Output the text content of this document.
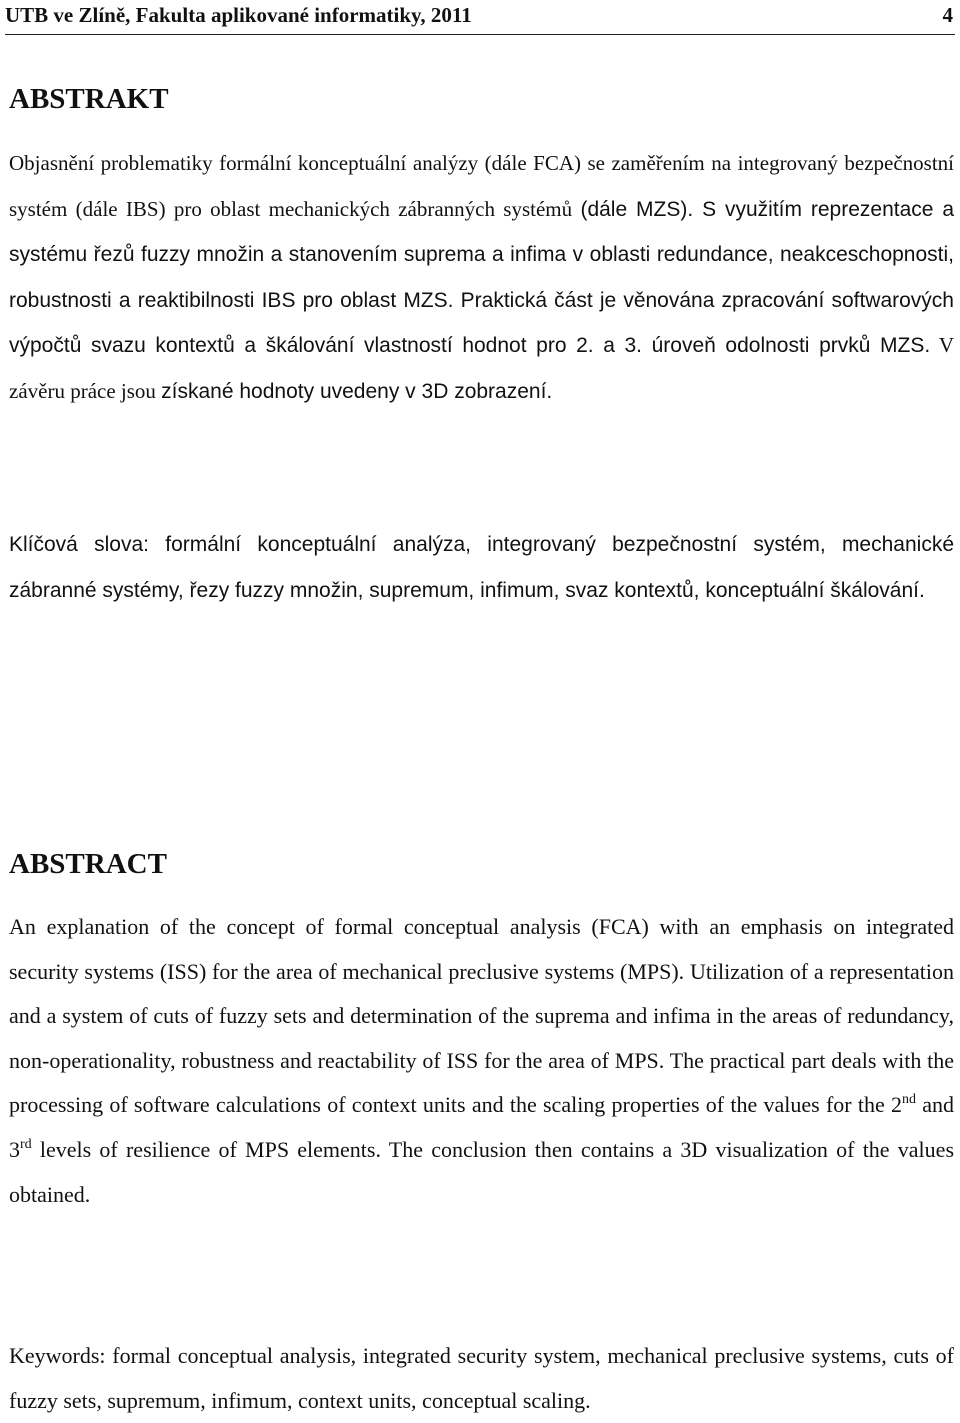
UTB ve Zlíně, Fakulta aplikované informatiky, 2011	4
ABSTRAKT

Objasnění problematiky formální konceptuální analýzy (dále FCA) se zaměřením na integrovaný bezpečnostní systém (dále IBS) pro oblast mechanických zábranných systémů (dále MZS). S využitím reprezentace a systému řezů fuzzy množin a stanovením suprema a infima v oblasti redundance, neakceschopnosti, robustnosti a reaktibilnosti IBS pro oblast MZS. Praktická část je věnována zpracování softwarových výpočtů svazu kontextů a škálování vlastností hodnot pro 2. a 3. úroveň odolnosti prvků MZS. V závěru práce jsou získané hodnoty uvedeny v 3D zobrazení.

Klíčová slova: formální konceptuální analýza, integrovaný bezpečnostní systém, mechanické zábranné systémy, řezy fuzzy množin, supremum, infimum, svaz kontextů, konceptuální škálování.

ABSTRACT

An explanation of the concept of formal conceptual analysis (FCA) with an emphasis on integrated security systems (ISS) for the area of mechanical preclusive systems (MPS). Utilization of a representation and a system of cuts of fuzzy sets and determination of the suprema and infima in the areas of redundancy, non-operationality, robustness and reactability of ISS for the area of MPS. The practical part deals with the processing of software calculations of context units and the scaling properties of the values for the 2nd and 3rd levels of resilience of MPS elements. The conclusion then contains a 3D visualization of the values obtained.

Keywords: formal conceptual analysis, integrated security system, mechanical preclusive systems, cuts of fuzzy sets, supremum, infimum, context units, conceptual scaling.
